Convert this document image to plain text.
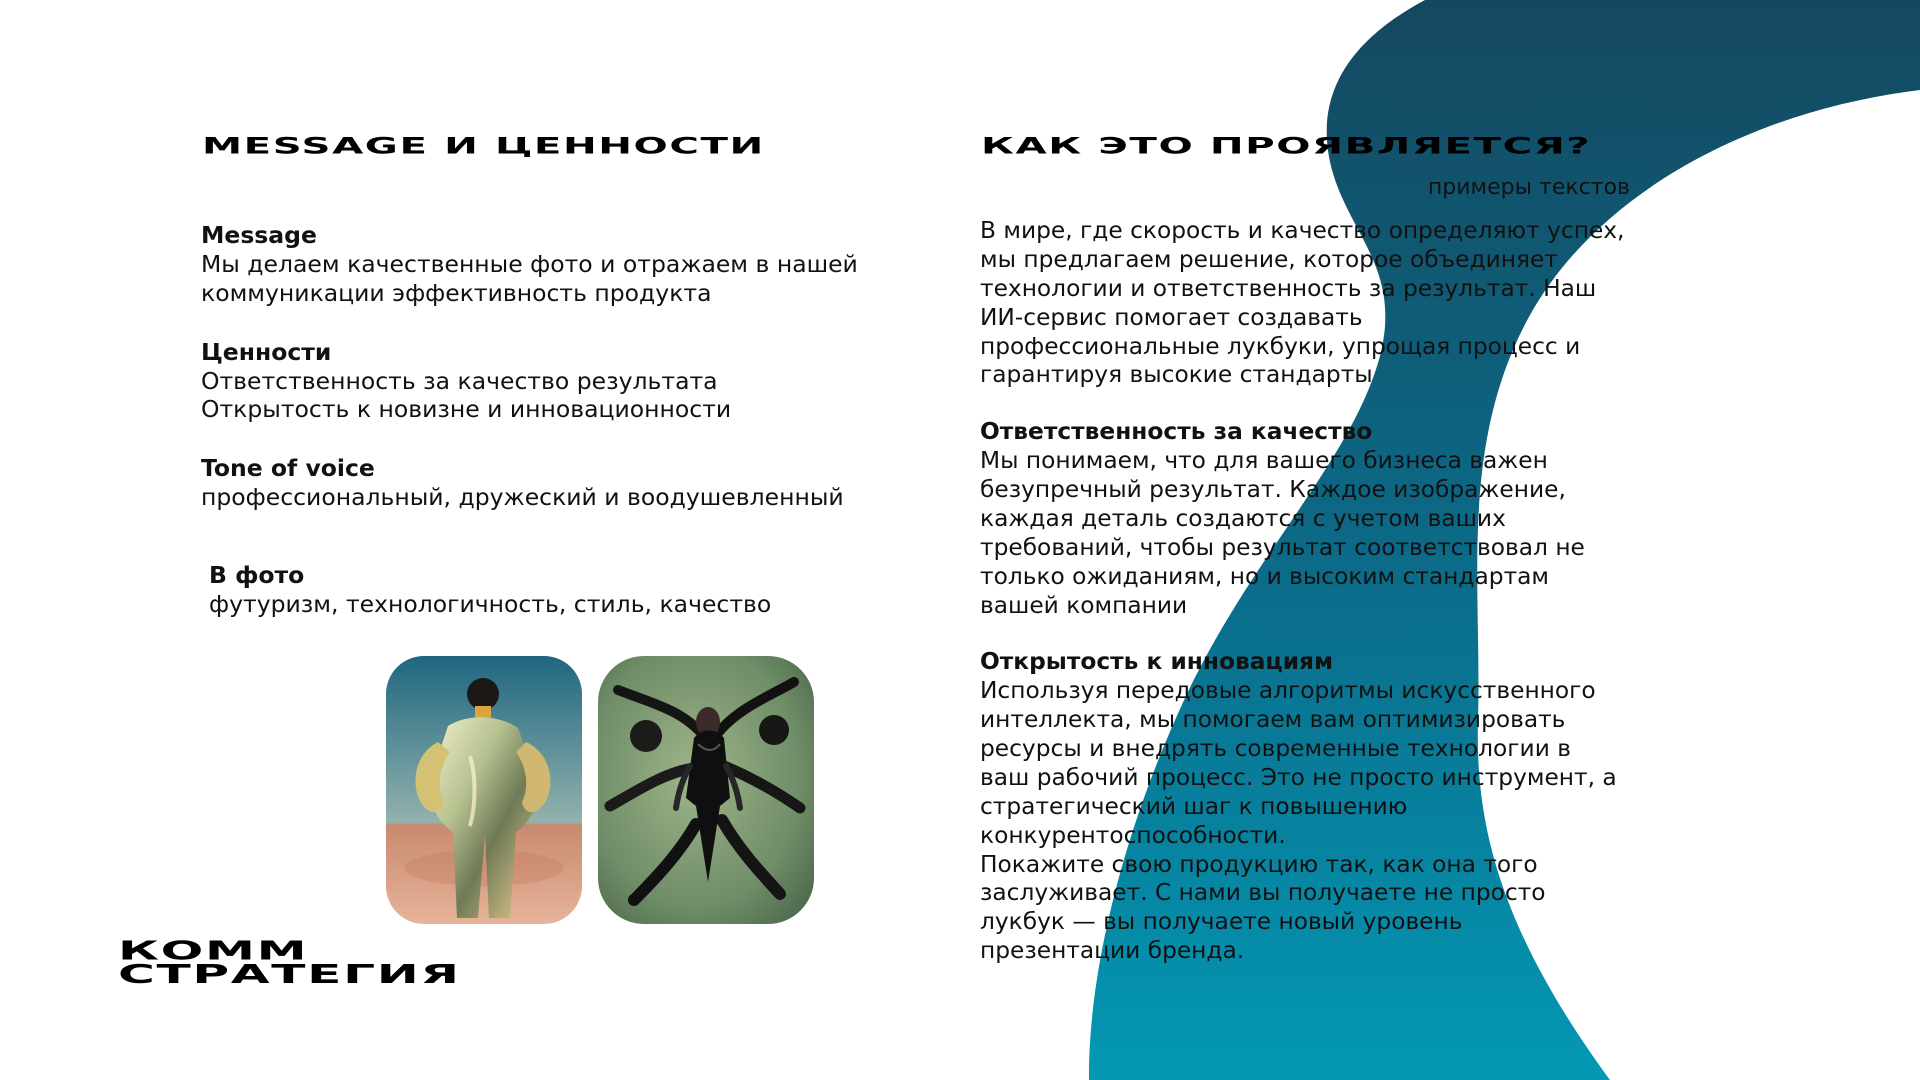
MESSAGE И ЦЕННОСТИ
Message
Мы делаем качественные фото и отражаем в нашей
коммуникации эффективность продукта
Ценности
Ответственность за качество результата
Открытость к новизне и инновационности
Tone of voice
профессиональный, дружеский и воодушевленный
В фото
футуризм, технологичность, стиль, качество
КОММ
СТРАТЕГИЯ
КАК ЭТО ПРОЯВЛЯЕТСЯ?
примеры текстов
В мире, где скорость и качество определяют успех,
мы предлагаем решение, которое объединяет
технологии и ответственность за результат. Наш
ИИ-сервис помогает создавать
профессиональные лукбуки, упрощая процесс и
гарантируя высокие стандарты
Ответственность за качество
Мы понимаем, что для вашего бизнеса важен
безупречный результат. Каждое изображение,
каждая деталь создаются с учетом ваших
требований, чтобы результат соответствовал не
только ожиданиям, но и высоким стандартам
вашей компании
Открытость к инновациям
Используя передовые алгоритмы искусственного
интеллекта, мы помогаем вам оптимизировать
ресурсы и внедрять современные технологии в
ваш рабочий процесс. Это не просто инструмент, а
стратегический шаг к повышению
конкурентоспособности.
Покажите свою продукцию так, как она того
заслуживает. С нами вы получаете не просто
лукбук — вы получаете новый уровень
презентации бренда.
